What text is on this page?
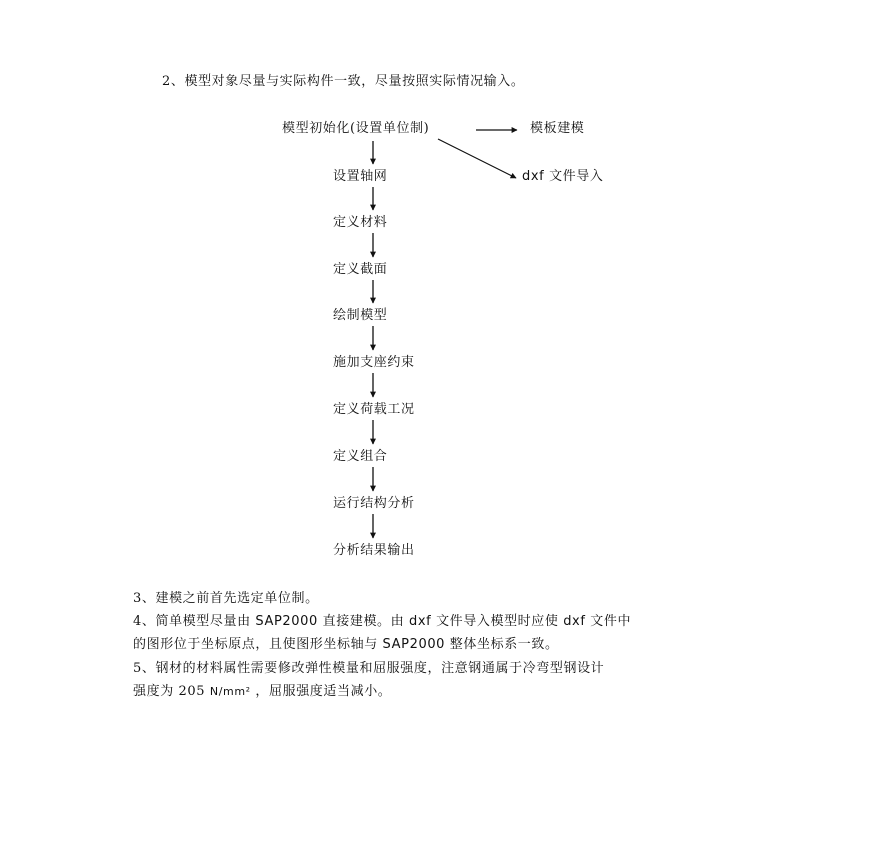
2、模型对象尽量与实际构件一致，尽量按照实际情况输入。
模型初始化(设置单位制)	模板建模
dxf 文件导入
设置轴网
定义材料
定义截面
绘制模型
施加支座约束
定义荷载工况
定义组合
运行结构分析
分析结果输出
3、建模之前首先选定单位制。
4、简单模型尽量由 SAP2000 直接建模。由 dxf 文件导入模型时应使 dxf 文件中
的图形位于坐标原点，且使图形坐标轴与 SAP2000 整体坐标系一致。
5、钢材的材料属性需要修改弹性模量和屈服强度，注意钢通属于冷弯型钢设计
强度为 205 N/mm² ，屈服强度适当减小。
